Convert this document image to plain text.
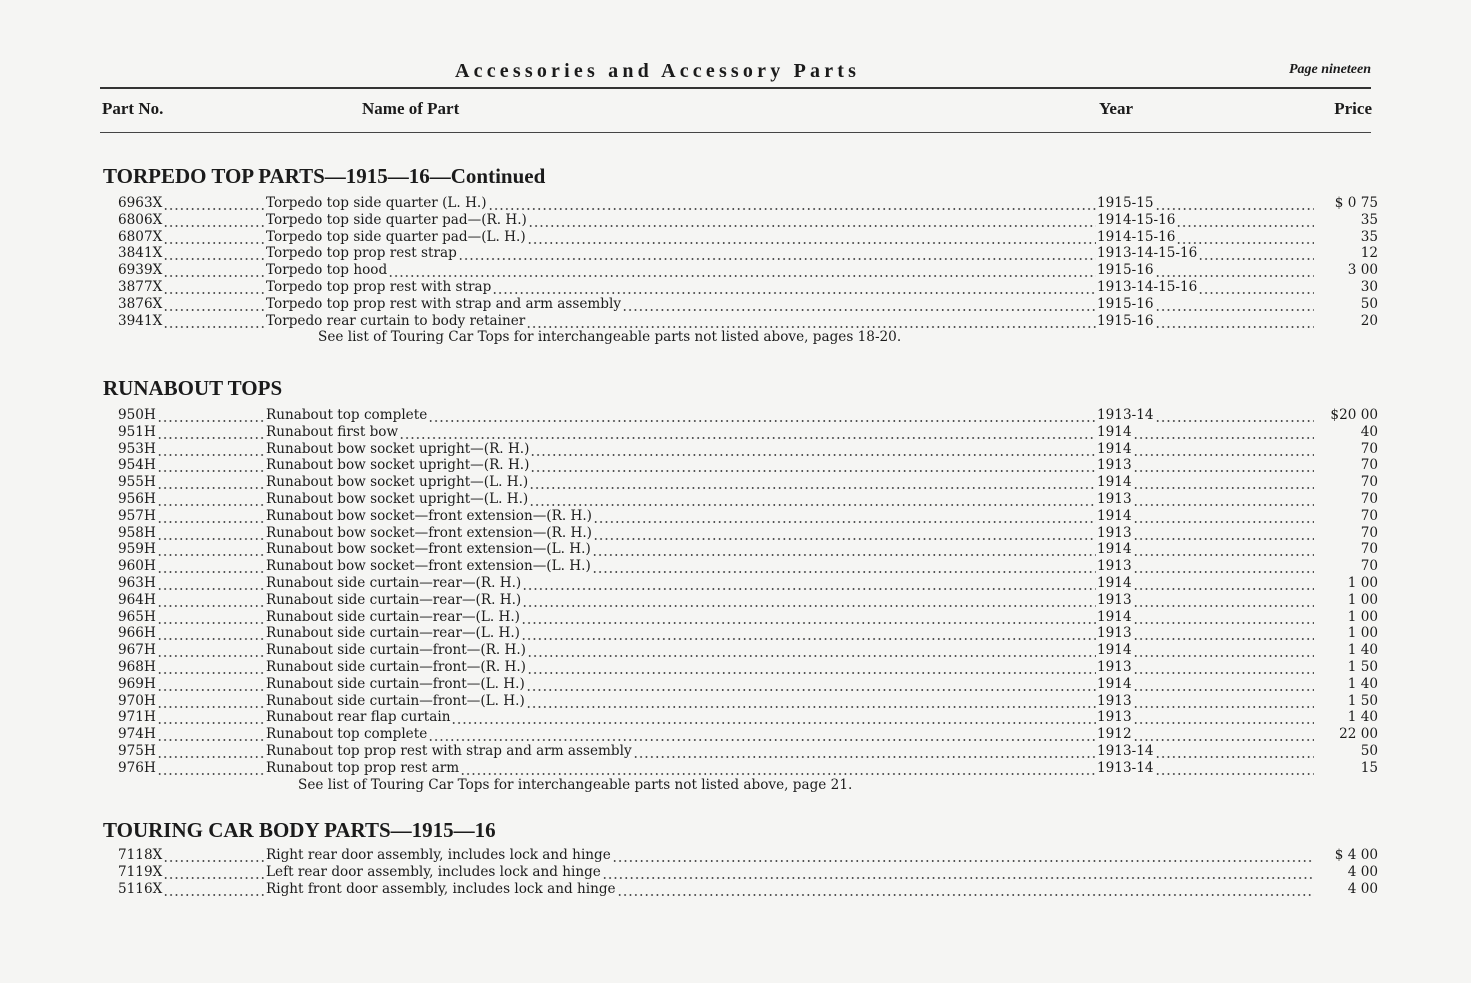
Accessories and Accessory Parts	Page nineteen
Part No.	Name of Part	Year	Price
TORPEDO TOP PARTS—1915—16—Continued
6963X	Torpedo top side quarter (L. H.)	1915-15	$ 0 75
6806X	Torpedo top side quarter pad—(R. H.)	1914-15-16	35
6807X	Torpedo top side quarter pad—(L. H.)	1914-15-16	35
3841X	Torpedo top prop rest strap	1913-14-15-16	12
6939X	Torpedo top hood	1915-16	3 00
3877X	Torpedo top prop rest with strap	1913-14-15-16	30
3876X	Torpedo top prop rest with strap and arm assembly	1915-16	50
3941X	Torpedo rear curtain to body retainer	1915-16	20
See list of Touring Car Tops for interchangeable parts not listed above, pages 18-20.
RUNABOUT TOPS
950H	Runabout top complete	1913-14	$20 00
951H	Runabout first bow	1914	40
953H	Runabout bow socket upright—(R. H.)	1914	70
954H	Runabout bow socket upright—(R. H.)	1913	70
955H	Runabout bow socket upright—(L. H.)	1914	70
956H	Runabout bow socket upright—(L. H.)	1913	70
957H	Runabout bow socket—front extension—(R. H.)	1914	70
958H	Runabout bow socket—front extension—(R. H.)	1913	70
959H	Runabout bow socket—front extension—(L. H.)	1914	70
960H	Runabout bow socket—front extension—(L. H.)	1913	70
963H	Runabout side curtain—rear—(R. H.)	1914	1 00
964H	Runabout side curtain—rear—(R. H.)	1913	1 00
965H	Runabout side curtain—rear—(L. H.)	1914	1 00
966H	Runabout side curtain—rear—(L. H.)	1913	1 00
967H	Runabout side curtain—front—(R. H.)	1914	1 40
968H	Runabout side curtain—front—(R. H.)	1913	1 50
969H	Runabout side curtain—front—(L. H.)	1914	1 40
970H	Runabout side curtain—front—(L. H.)	1913	1 50
971H	Runabout rear flap curtain	1913	1 40
974H	Runabout top complete	1912	22 00
975H	Runabout top prop rest with strap and arm assembly	1913-14	50
976H	Runabout top prop rest arm	1913-14	15
See list of Touring Car Tops for interchangeable parts not listed above, page 21.
TOURING CAR BODY PARTS—1915—16
7118X	Right rear door assembly, includes lock and hinge	$ 4 00
7119X	Left rear door assembly, includes lock and hinge	4 00
5116X	Right front door assembly, includes lock and hinge	4 00
